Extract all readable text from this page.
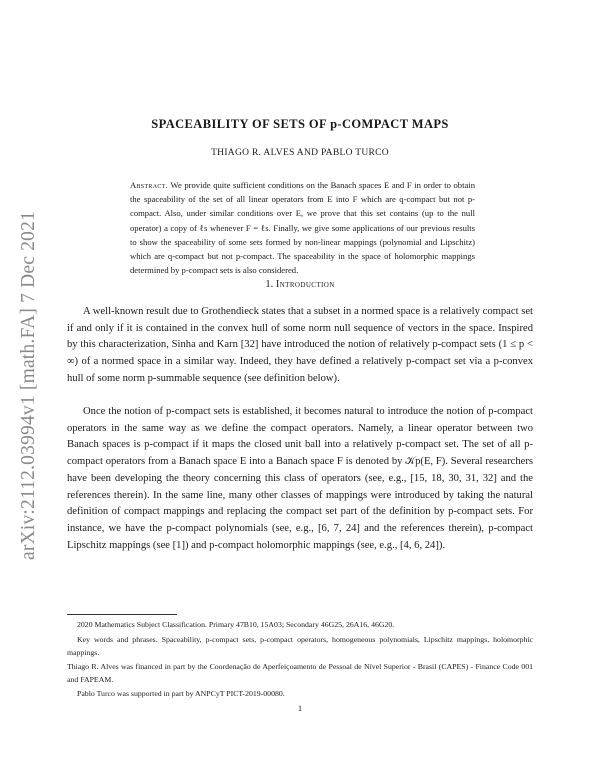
arXiv:2112.03994v1 [math.FA] 7 Dec 2021
SPACEABILITY OF SETS OF p-COMPACT MAPS
THIAGO R. ALVES AND PABLO TURCO
Abstract. We provide quite sufficient conditions on the Banach spaces E and F in order to obtain the spaceability of the set of all linear operators from E into F which are q-compact but not p-compact. Also, under similar conditions over E, we prove that this set contains (up to the null operator) a copy of ℓs whenever F = ℓs. Finally, we give some applications of our previous results to show the spaceability of some sets formed by non-linear mappings (polynomial and Lipschitz) which are q-compact but not p-compact. The spaceability in the space of holomorphic mappings determined by p-compact sets is also considered.
1. Introduction
A well-known result due to Grothendieck states that a subset in a normed space is a relatively compact set if and only if it is contained in the convex hull of some norm null sequence of vectors in the space. Inspired by this characterization, Sinha and Karn [32] have introduced the notion of relatively p-compact sets (1 ≤ p < ∞) of a normed space in a similar way. Indeed, they have defined a relatively p-compact set via a p-convex hull of some norm p-summable sequence (see definition below).
Once the notion of p-compact sets is established, it becomes natural to introduce the notion of p-compact operators in the same way as we define the compact operators. Namely, a linear operator between two Banach spaces is p-compact if it maps the closed unit ball into a relatively p-compact set. The set of all p-compact operators from a Banach space E into a Banach space F is denoted by 𝒦p(E, F). Several researchers have been developing the theory concerning this class of operators (see, e.g., [15, 18, 30, 31, 32] and the references therein). In the same line, many other classes of mappings were introduced by taking the natural definition of compact mappings and replacing the compact set part of the definition by p-compact sets. For instance, we have the p-compact polynomials (see, e.g., [6, 7, 24] and the references therein), p-compact Lipschitz mappings (see [1]) and p-compact holomorphic mappings (see, e.g., [4, 6, 24]).
2020 Mathematics Subject Classification. Primary 47B10, 15A03; Secondary 46G25, 26A16, 46G20.
Key words and phrases. Spaceability, p-compact sets, p-compact operators, homogeneous polynomials, Lipschitz mappings, holomorphic mappings.
Thiago R. Alves was financed in part by the Coordenação de Aperfeiçoamento de Pessoal de Nível Superior - Brasil (CAPES) - Finance Code 001 and FAPEAM.
Pablo Turco was supported in part by ANPCyT PICT-2019-00080.
1
